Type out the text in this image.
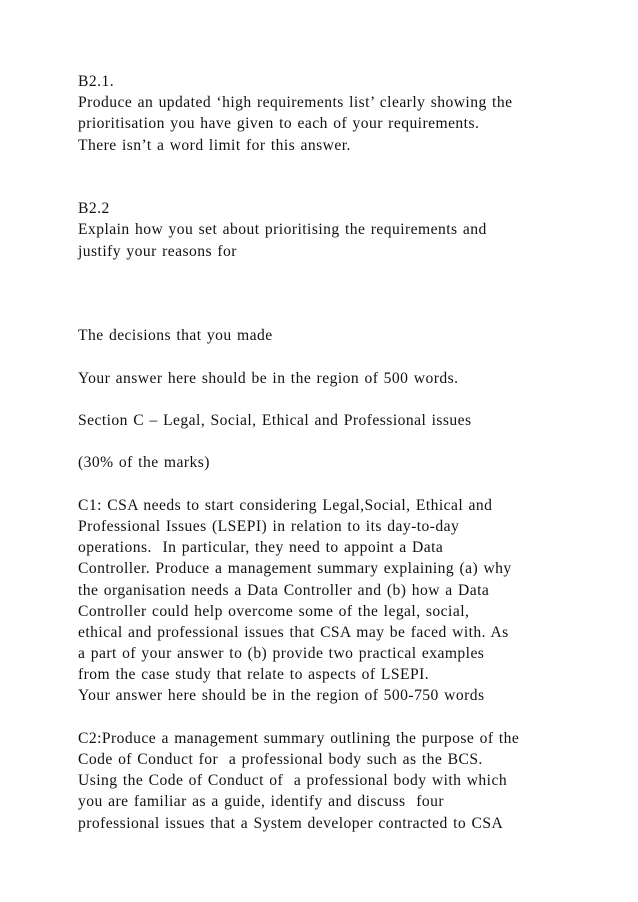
B2.1.
Produce an updated ‘high requirements list’ clearly showing the
prioritisation you have given to each of your requirements.
There isn’t a word limit for this answer.
B2.2
Explain how you set about prioritising the requirements and
justify your reasons for
The decisions that you made
Your answer here should be in the region of 500 words.
Section C – Legal, Social, Ethical and Professional issues
(30% of the marks)
C1: CSA needs to start considering Legal,Social, Ethical and
Professional Issues (LSEPI) in relation to its day-to-day
operations.  In particular, they need to appoint a Data
Controller. Produce a management summary explaining (a) why
the organisation needs a Data Controller and (b) how a Data
Controller could help overcome some of the legal, social,
ethical and professional issues that CSA may be faced with. As
a part of your answer to (b) provide two practical examples
from the case study that relate to aspects of LSEPI.
Your answer here should be in the region of 500-750 words
C2:Produce a management summary outlining the purpose of the
Code of Conduct for  a professional body such as the BCS.
Using the Code of Conduct of  a professional body with which
you are familiar as a guide, identify and discuss  four
professional issues that a System developer contracted to CSA
